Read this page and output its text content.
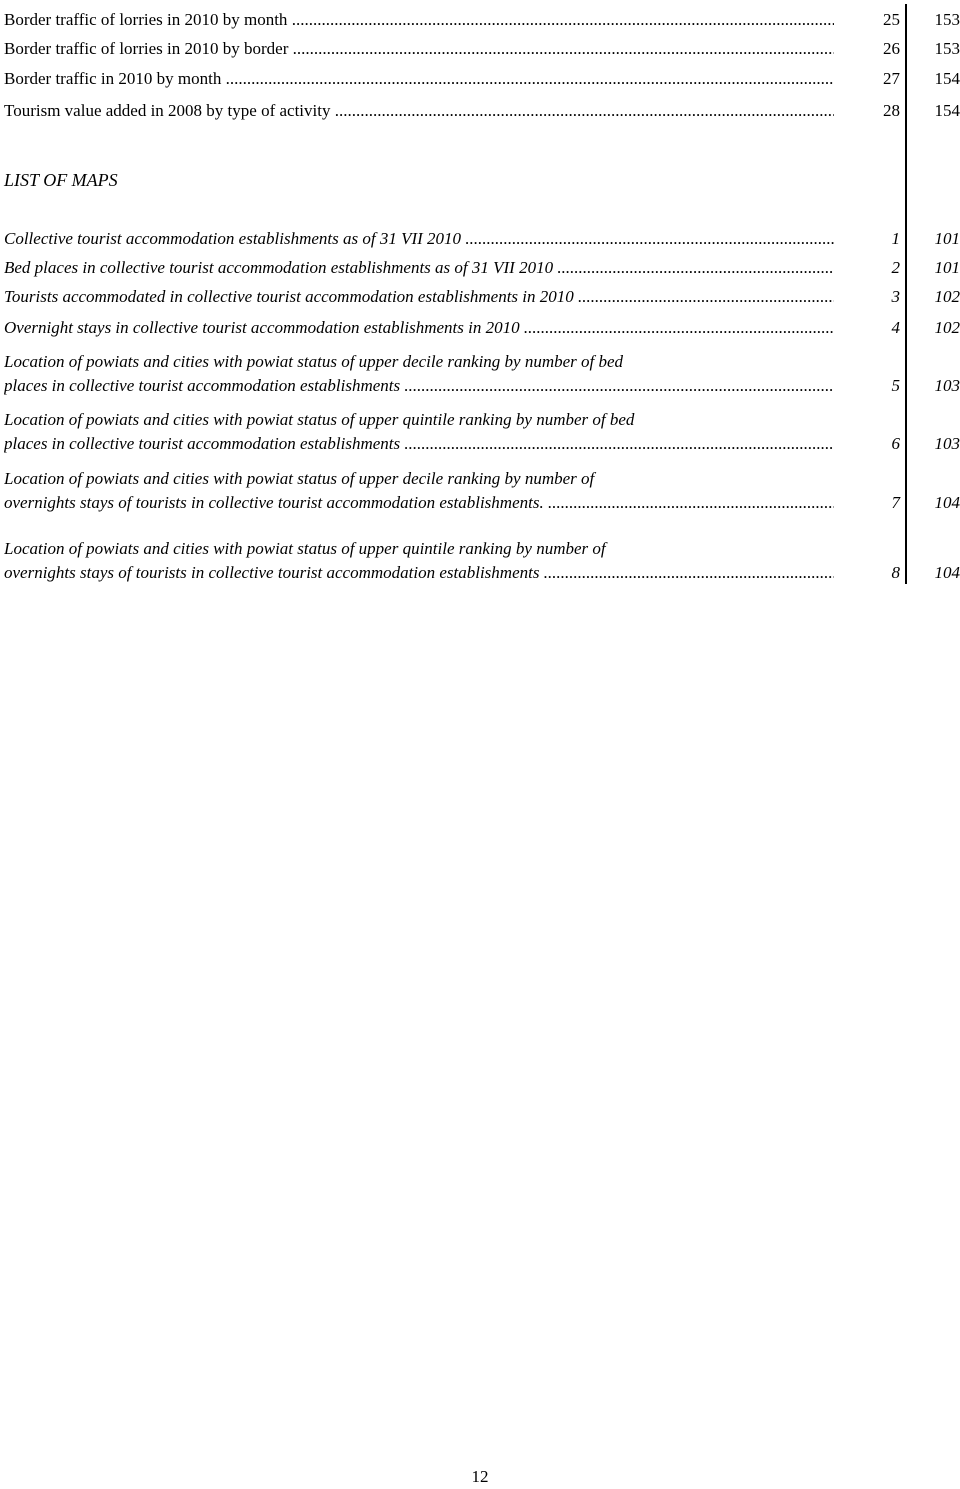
Border traffic of lorries in 2010 by month .....	25	153
Border traffic of lorries in 2010 by border .....	26	153
Border traffic in 2010 by month .....	27	154
Tourism value added in 2008 by type of activity .....	28	154
LIST OF MAPS
Collective tourist accommodation establishments as of 31 VII 2010 .....	1	101
Bed places in collective tourist accommodation establishments as of 31 VII 2010 .....	2	101
Tourists accommodated in collective tourist accommodation establishments in 2010 .....	3	102
Overnight stays in collective tourist accommodation establishments in 2010 .....	4	102
Location of powiats and cities with powiat status of upper decile ranking by number of bed
places in collective tourist accommodation establishments .....	5	103
Location of powiats and cities with powiat status of upper quintile ranking by number of bed
places in collective tourist accommodation establishments .....	6	103
Location of powiats and cities with powiat status of upper decile ranking by number of
overnights stays of tourists in collective tourist accommodation establishments. .....	7	104
Location of powiats and cities with powiat status of upper quintile ranking by number of
overnights stays of tourists in collective tourist accommodation establishments .....	8	104
12
